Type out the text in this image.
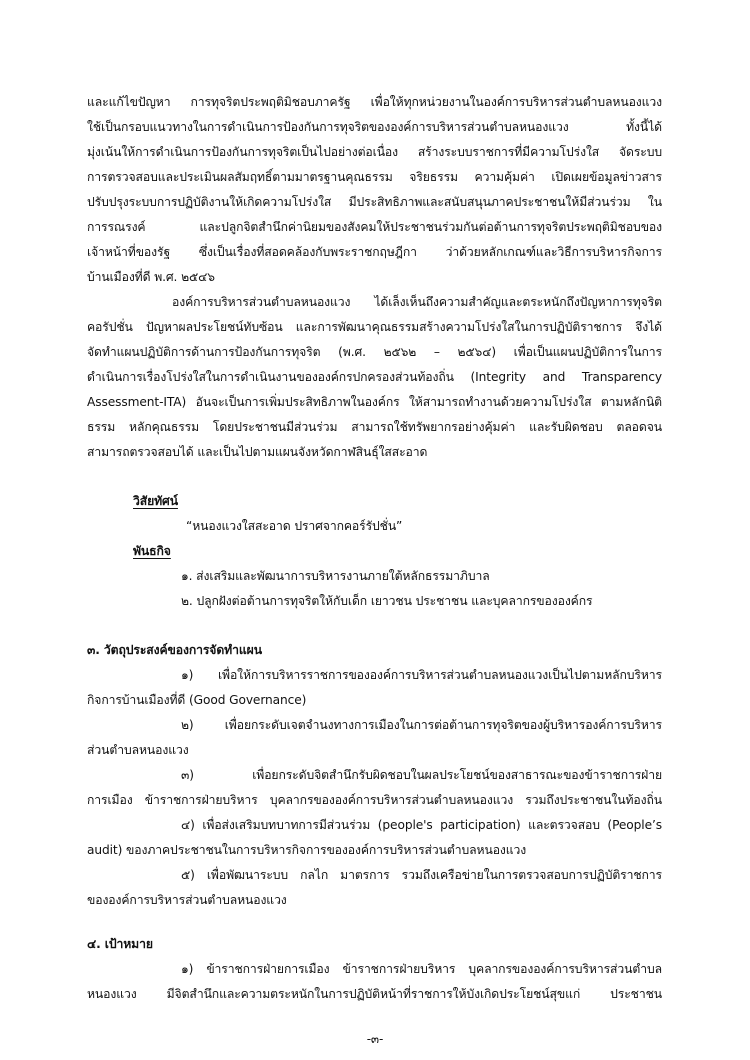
และแก้ไขปัญหา การทุจริตประพฤติมิชอบภาครัฐ เพื่อให้ทุกหน่วยงานในองค์การบริหารส่วนตำบลหนองแวง
ใช้เป็นกรอบแนวทางในการดำเนินการป้องกันการทุจริตขององค์การบริหารส่วนตำบลหนองแวง ทั้งนี้ได้
มุ่งเน้นให้การดำเนินการป้องกันการทุจริตเป็นไปอย่างต่อเนื่อง สร้างระบบราชการที่มีความโปร่งใส จัดระบบ
การตรวจสอบและประเมินผลสัมฤทธิ์ตามมาตรฐานคุณธรรม จริยธรรม ความคุ้มค่า เปิดเผยข้อมูลข่าวสาร
ปรับปรุงระบบการปฏิบัติงานให้เกิดความโปร่งใส มีประสิทธิภาพและสนับสนุนภาคประชาชนให้มีส่วนร่วม ใน
การรณรงค์ และปลูกจิตสำนึกค่านิยมของสังคมให้ประชาชนร่วมกันต่อต้านการทุจริตประพฤติมิชอบของ
เจ้าหน้าที่ของรัฐ ซึ่งเป็นเรื่องที่สอดคล้องกับพระราชกฤษฎีกา ว่าด้วยหลักเกณฑ์และวิธีการบริหารกิจการ
บ้านเมืองที่ดี พ.ศ. ๒๕๔๖
องค์การบริหารส่วนตำบลหนองแวง ได้เล็งเห็นถึงความสำคัญและตระหนักถึงปัญหาการทุจริต
คอรัปชั่น ปัญหาผลประโยชน์ทับซ้อน และการพัฒนาคุณธรรมสร้างความโปร่งใสในการปฏิบัติราชการ จึงได้
จัดทำแผนปฏิบัติการด้านการป้องกันการทุจริต (พ.ศ. ๒๕๖๒ – ๒๕๖๔) เพื่อเป็นแผนปฏิบัติการในการ
ดำเนินการเรื่องโปร่งใสในการดำเนินงานขององค์กรปกครองส่วนท้องถิ่น (Integrity and Transparency
Assessment-ITA) อันจะเป็นการเพิ่มประสิทธิภาพในองค์กร ให้สามารถทำงานด้วยความโปร่งใส ตามหลักนิติ
ธรรม หลักคุณธรรม โดยประชาชนมีส่วนร่วม สามารถใช้ทรัพยากรอย่างคุ้มค่า และรับผิดชอบ ตลอดจน
สามารถตรวจสอบได้ และเป็นไปตามแผนจังหวัดกาฬสินธุ์ใสสะอาด
วิสัยทัศน์
“หนองแวงใสสะอาด ปราศจากคอร์รัปชั่น”
พันธกิจ
๑. ส่งเสริมและพัฒนาการบริหารงานภายใต้หลักธรรมาภิบาล
๒. ปลูกฝังต่อต้านการทุจริตให้กับเด็ก เยาวชน ประชาชน และบุคลากรขององค์กร
๓. วัตถุประสงค์ของการจัดทำแผน
๑) เพื่อให้การบริหารราชการขององค์การบริหารส่วนตำบลหนองแวงเป็นไปตามหลักบริหาร
กิจการบ้านเมืองที่ดี (Good Governance)
๒) เพื่อยกระดับเจตจำนงทางการเมืองในการต่อต้านการทุจริตของผู้บริหารองค์การบริหาร
ส่วนตำบลหนองแวง
๓) เพื่อยกระดับจิตสำนึกรับผิดชอบในผลประโยชน์ของสาธารณะของข้าราชการฝ่าย
การเมือง ข้าราชการฝ่ายบริหาร บุคลากรขององค์การบริหารส่วนตำบลหนองแวง รวมถึงประชาชนในท้องถิ่น
๔) เพื่อส่งเสริมบทบาทการมีส่วนร่วม (people's participation) และตรวจสอบ (People’s
audit) ของภาคประชาชนในการบริหารกิจการขององค์การบริหารส่วนตำบลหนองแวง
๕) เพื่อพัฒนาระบบ กลไก มาตรการ รวมถึงเครือข่ายในการตรวจสอบการปฏิบัติราชการ
ขององค์การบริหารส่วนตำบลหนองแวง
๔. เป้าหมาย
๑) ข้าราชการฝ่ายการเมือง ข้าราชการฝ่ายบริหาร บุคลากรขององค์การบริหารส่วนตำบล
หนองแวง มีจิตสำนึกและความตระหนักในการปฏิบัติหน้าที่ราชการให้บังเกิดประโยชน์สุขแก่ ประชาชน
-๓-
